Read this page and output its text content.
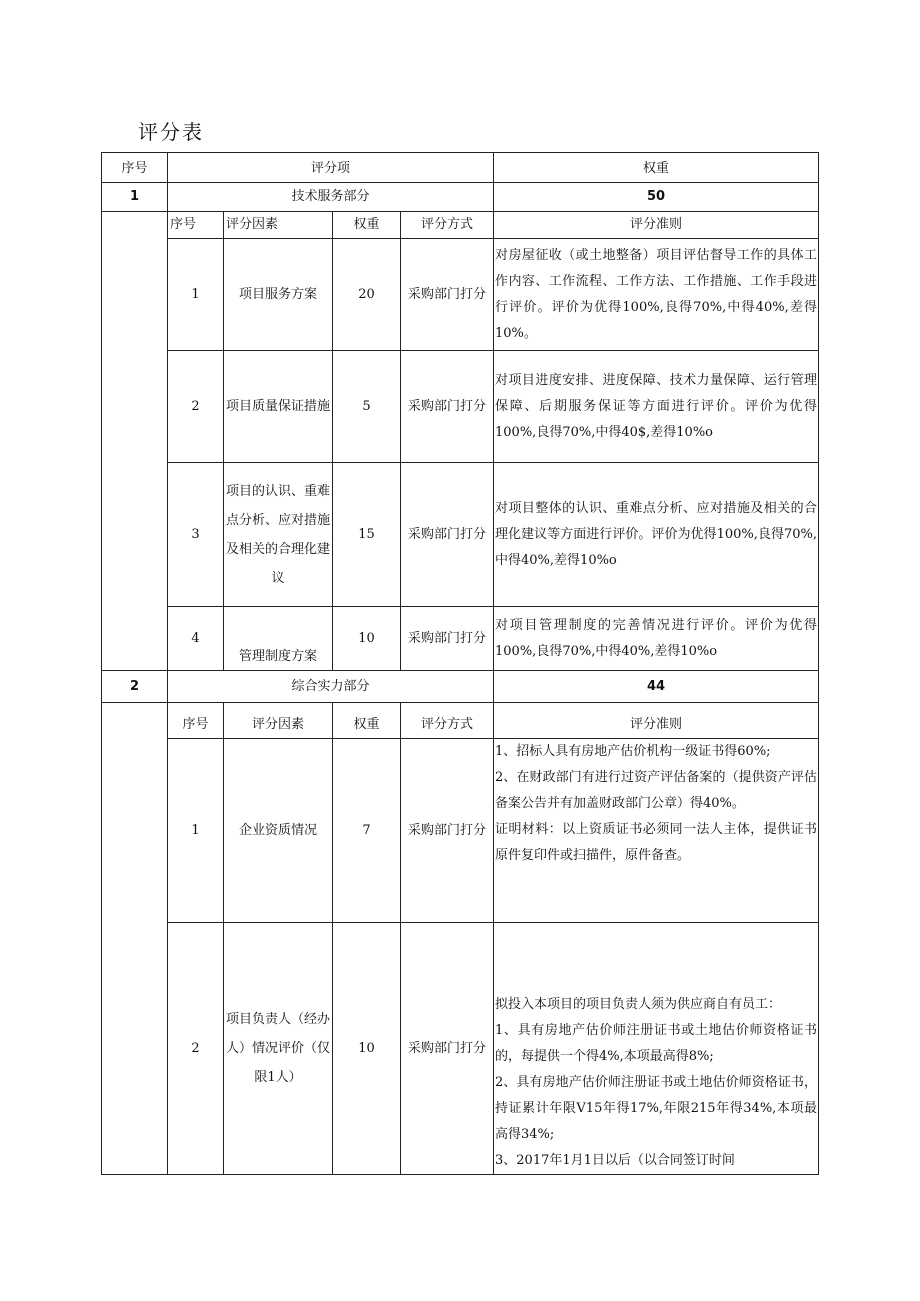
评分表
序号	评分项				权重
1	技术服务部分				50
	序号	评分因素	权重	评分方式	评分准则
	1	项目服务方案	20	采购部门打分	对房屋征收（或土地整备）项目评估督导工作的具体工作内容、工作流程、工作方法、工作措施、工作手段进行评价。评价为优得100%,良得70%,中得40%,差得10%。

	2	项目质量保证措施	5	采购部门打分	对项目进度安排、进度保障、技术力量保障、运行管理保障、后期服务保证等方面进行评价。评价为优得100%,良得70%,中得40$,差得10%o

	3	项目的认识、重难点分析、应对措施及相关的合理化建议	15	采购部门打分	对项目整体的认识、重难点分析、应对措施及相关的合理化建议等方面进行评价。评价为优得100%,良得70%,中得40%,差得10%o

	4	管理制度方案	10	采购部门打分	对项目管理制度的完善情况进行评价。评价为优得100%,良得70%,中得40%,差得10%o

2	综合实力部分				44
	序号	评分因素	权重	评分方式	评分准则
	1	企业资质情况	7	采购部门打分	1、招标人具有房地产估价机构一级证书得60%;
2、在财政部门有进行过资产评估备案的（提供资产评估备案公告并有加盖财政部门公章）得40%。
证明材料：以上资质证书必须同一法人主体，提供证书原件复印件或扫描件，原件备查。

	2	项目负责人（经办人）情况评价（仅限1人）	10	采购部门打分	拟投入本项目的项目负责人须为供应商自有员工：
1、具有房地产估价师注册证书或土地估价师资格证书的，每提供一个得4%,本项最高得8%;
2、具有房地产估价师注册证书或土地估价师资格证书，持证累计年限V15年得17%,年限215年得34%,本项最高得34%;
3、2017年1月1日以后（以合同签订时间
